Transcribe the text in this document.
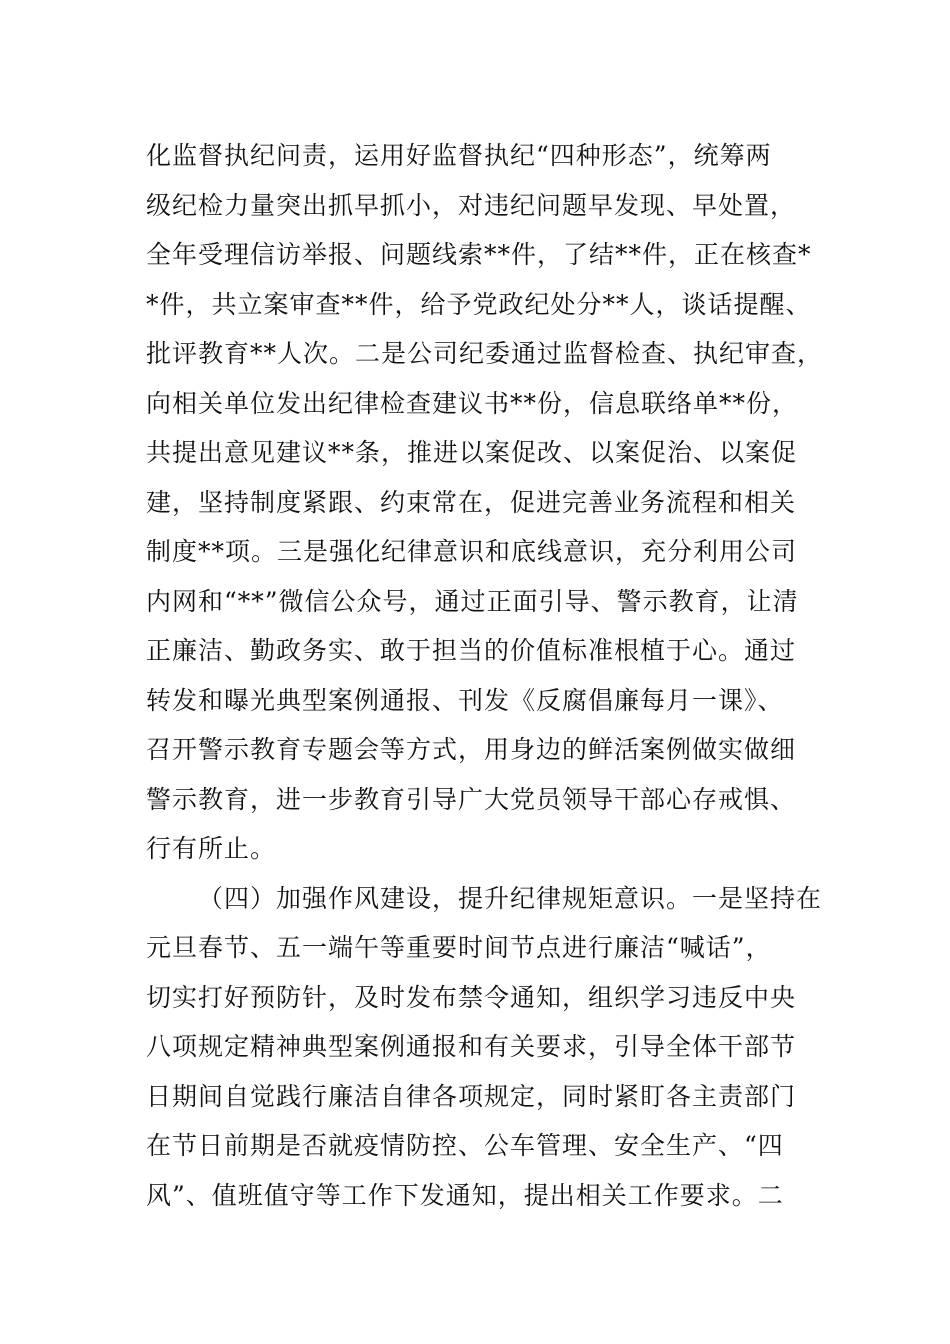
化监督执纪问责，运用好监督执纪“四种形态”，统筹两
级纪检力量突出抓早抓小，对违纪问题早发现、早处置，
全年受理信访举报、问题线索**件，了结**件，正在核查*
*件，共立案审查**件，给予党政纪处分**人，谈话提醒、
批评教育**人次。二是公司纪委通过监督检查、执纪审查，
向相关单位发出纪律检查建议书**份，信息联络单**份，
共提出意见建议**条，推进以案促改、以案促治、以案促
建，坚持制度紧跟、约束常在，促进完善业务流程和相关
制度**项。三是强化纪律意识和底线意识，充分利用公司
内网和“**”微信公众号，通过正面引导、警示教育，让清
正廉洁、勤政务实、敢于担当的价值标准根植于心。通过
转发和曝光典型案例通报、刊发《反腐倡廉每月一课》、
召开警示教育专题会等方式，用身边的鲜活案例做实做细
警示教育，进一步教育引导广大党员领导干部心存戒惧、
行有所止。
（四）加强作风建设，提升纪律规矩意识。一是坚持在
元旦春节、五一端午等重要时间节点进行廉洁“喊话”，
切实打好预防针，及时发布禁令通知，组织学习违反中央
八项规定精神典型案例通报和有关要求，引导全体干部节
日期间自觉践行廉洁自律各项规定，同时紧盯各主责部门
在节日前期是否就疫情防控、公车管理、安全生产、“四
风”、值班值守等工作下发通知，提出相关工作要求。二
